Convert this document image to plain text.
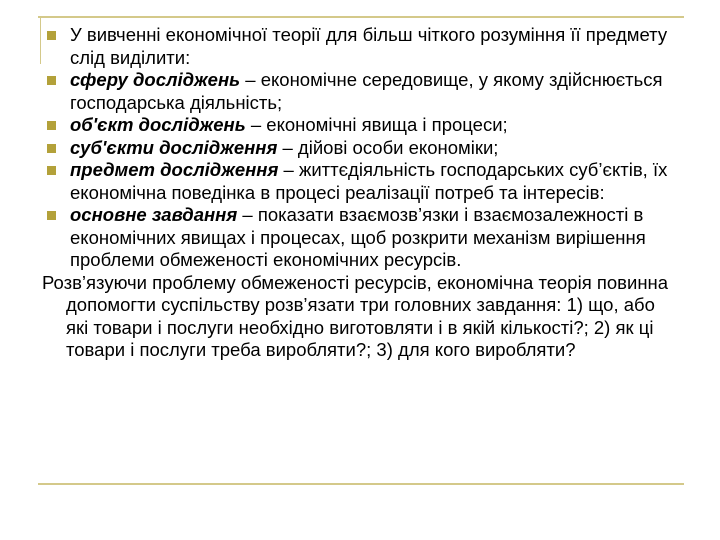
У вивченні економічної теорії для більш чіткого розуміння її предмету слід виділити:
сферу досліджень – економічне середовище, у якому здійснюється господарська діяльність;
об'єкт досліджень – економічні явища і процеси;
суб'єкти дослідження – дійові особи економіки;
предмет дослідження – життєдіяльність господарських суб’єктів, їх економічна поведінка в процесі реалізації потреб та інтересів:
основне завдання – показати взаємозв’язки і взаємозалежності в економічних явищах і процесах, щоб розкрити механізм вирішення проблеми обмеженості економічних ресурсів.
Розв’язуючи проблему обмеженості ресурсів, економічна теорія повинна допомогти суспільству розв’язати три головних завдання: 1) що, або які товари і послуги необхідно виготовляти і в якій кількості?; 2) як ці товари і послуги треба виробляти?; 3) для кого виробляти?
